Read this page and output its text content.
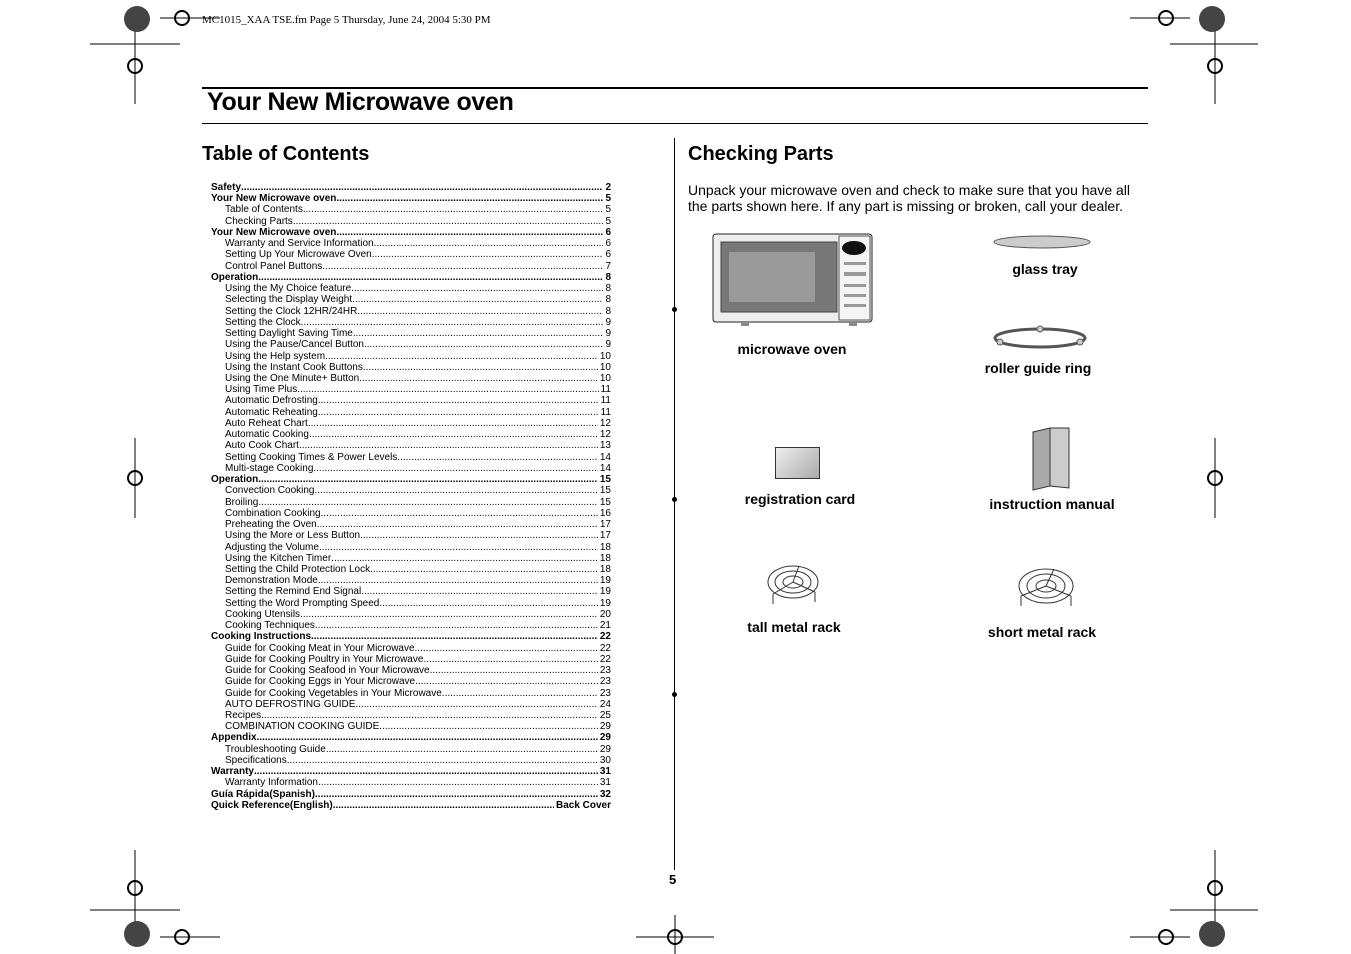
MC1015_XAA TSE.fm Page 5 Thursday, June 24, 2004 5:30 PM
Your New Microwave oven
Table of Contents
Safety .....	2
Your New Microwave oven .....	5
Table of Contents .....	5
Checking Parts .....	5
Your New Microwave oven .....	6
Warranty and Service Information .....	6
Setting Up Your Microwave Oven .....	6
Control Panel Buttons .....	7
Operation .....	8
Using the My Choice feature .....	8
Selecting the Display Weight .....	8
Setting the Clock 12HR/24HR .....	8
Setting the Clock .....	9
Setting Daylight Saving Time .....	9
Using the Pause/Cancel Button .....	9
Using the Help system .....	10
Using the Instant Cook Buttons .....	10
Using the One Minute+ Button .....	10
Using Time Plus .....	11
Automatic Defrosting .....	11
Automatic Reheating .....	11
Auto Reheat Chart .....	12
Automatic Cooking .....	12
Auto Cook Chart .....	13
Setting Cooking Times & Power Levels .....	14
Multi-stage Cooking .....	14
Operation .....	15
Convection Cooking .....	15
Broiling .....	15
Combination Cooking .....	16
Preheating the Oven .....	17
Using the More or Less Button .....	17
Adjusting the Volume .....	18
Using the Kitchen Timer .....	18
Setting the Child Protection Lock .....	18
Demonstration Mode .....	19
Setting the Remind End Signal .....	19
Setting the Word Prompting Speed .....	19
Cooking Utensils .....	20
Cooking Techniques .....	21
Cooking Instructions .....	22
Guide for Cooking Meat in Your Microwave .....	22
Guide for Cooking Poultry in Your Microwave .....	22
Guide for Cooking Seafood in Your Microwave .....	23
Guide for Cooking Eggs in Your Microwave .....	23
Guide for Cooking Vegetables in Your Microwave .....	23
AUTO DEFROSTING GUIDE .....	24
Recipes .....	25
COMBINATION COOKING GUIDE .....	29
Appendix .....	29
Troubleshooting Guide .....	29
Specifications .....	30
Warranty .....	31
Warranty Information .....	31
Guía Rápida(Spanish) .....	32
Quick Reference(English) .....	Back Cover
Checking Parts
Unpack your microwave oven and check to make sure that you have all the parts shown here. If any part is missing or broken, call your dealer.
microwave oven
glass tray
roller guide ring
registration card	instruction manual
tall metal rack	short metal rack
5
